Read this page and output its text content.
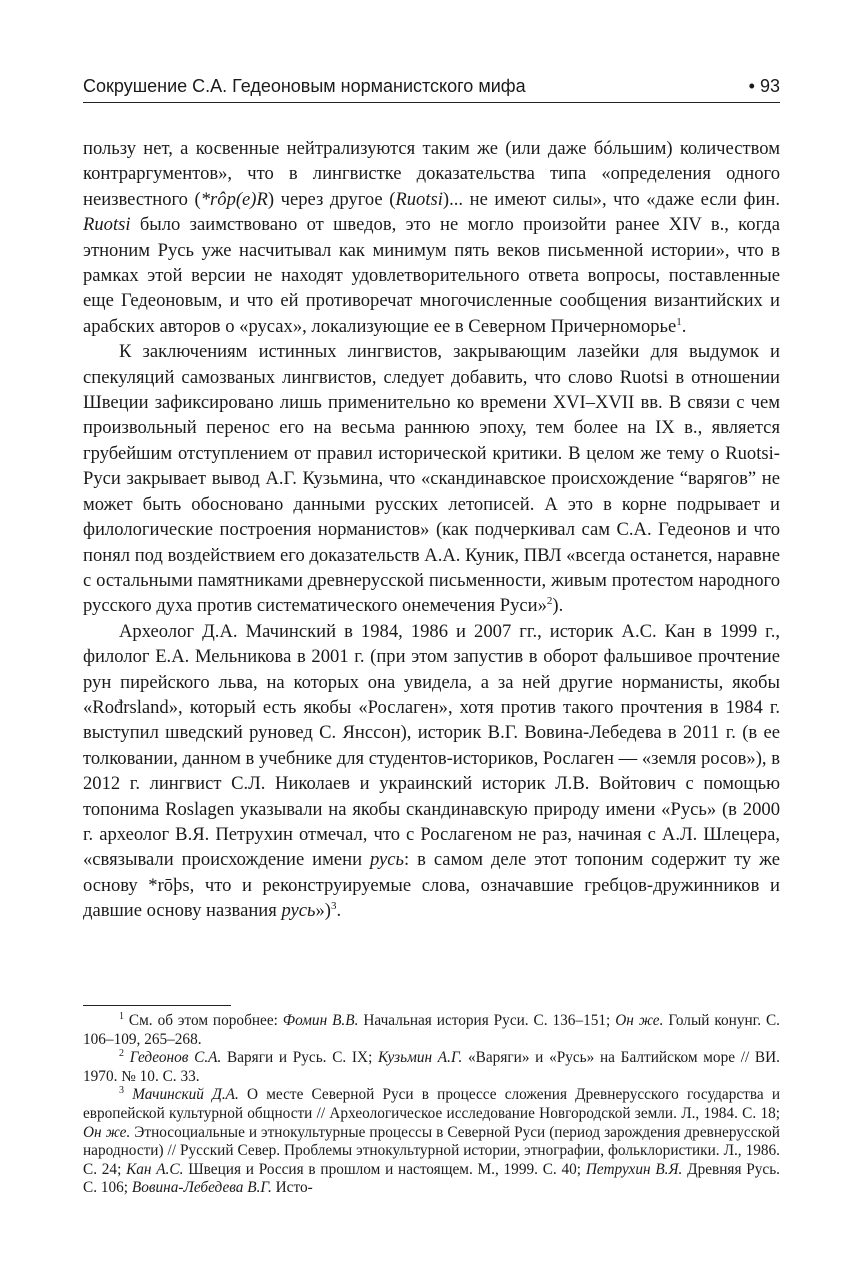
Сокрушение С.А. Гедеоновым норманистского мифа	• 93

пользу нет, а косвенные нейтрализуются таким же (или даже бóльшим) количеством контраргументов», что в лингвистке доказательства типа «определения одного неизвестного (*rôp(e)R) через другое (Ruotsi)... не имеют силы», что «даже если фин. Ruotsi было заимствовано от шведов, это не могло произойти ранее XIV в., когда этноним Русь уже насчитывал как минимум пять веков письменной истории», что в рамках этой версии не находят удовлетворительного ответа вопросы, поставленные еще Гедеоновым, и что ей противоречат многочисленные сообщения византийских и арабских авторов о «русах», локализующие ее в Северном Причерноморье$^1$.

К заключениям истинных лингвистов, закрывающим лазейки для выдумок и спекуляций самозваных лингвистов, следует добавить, что слово Ruotsi в отношении Швеции зафиксировано лишь применительно ко времени XVI–XVII вв. В связи с чем произвольный перенос его на весьма раннюю эпоху, тем более на IX в., является грубейшим отступлением от правил исторической критики. В целом же тему о Ruotsi-Руси закрывает вывод А.Г. Кузьмина, что «скандинавское происхождение “варягов” не может быть обосновано данными русских летописей. А это в корне подрывает и филологические построения норманистов» (как подчеркивал сам С.А. Гедеонов и что понял под воздействием его доказательств А.А. Куник, ПВЛ «всегда останется, наравне с остальными памятниками древнерусской письменности, живым протестом народного русского духа против систематического онемечения Руси»$^2$).

Археолог Д.А. Мачинский в 1984, 1986 и 2007 гг., историк А.С. Кан в 1999 г., филолог Е.А. Мельникова в 2001 г. (при этом запустив в оборот фальшивое прочтение рун пирейского льва, на которых она увидела, а за ней другие норманисты, якобы «Rođrsland», который есть якобы «Рослаген», хотя против такого прочтения в 1984 г. выступил шведский руновед С. Янссон), историк В.Г. Вовина-Лебедева в 2011 г. (в ее толковании, данном в учебнике для студентов-историков, Рослаген — «земля росов»), в 2012 г. лингвист С.Л. Николаев и украинский историк Л.В. Войтович с помощью топонима Roslagen указывали на якобы скандинавскую природу имени «Русь» (в 2000 г. археолог В.Я. Петрухин отмечал, что с Рослагеном не раз, начиная с А.Л. Шлецера, «связывали происхождение имени русь: в самом деле этот топоним содержит ту же основу *rōþs, что и реконструируемые слова, означавшие гребцов-дружинников и давшие основу названия русь»)$^3$.

$^1$ См. об этом поробнее: Фомин В.В. Начальная история Руси. С. 136–151; Он же. Голый конунг. С. 106–109, 265–268.

$^2$ Гедеонов С.А. Варяги и Русь. С. IX; Кузьмин А.Г. «Варяги» и «Русь» на Балтийском море // ВИ. 1970. № 10. С. 33.

$^3$ Мачинский Д.А. О месте Северной Руси в процессе сложения Древнерусского государства и европейской культурной общности // Археологическое исследование Новгородской земли. Л., 1984. С. 18; Он же. Этносоциальные и этнокультурные процессы в Северной Руси (период зарождения древнерусской народности) // Русский Север. Проблемы этнокультурной истории, этнографии, фольклористики. Л., 1986. С. 24; Кан А.С. Швеция и Россия в прошлом и настоящем. М., 1999. С. 40; Петрухин В.Я. Древняя Русь. С. 106; Вовина-Лебедева В.Г. Исто-
